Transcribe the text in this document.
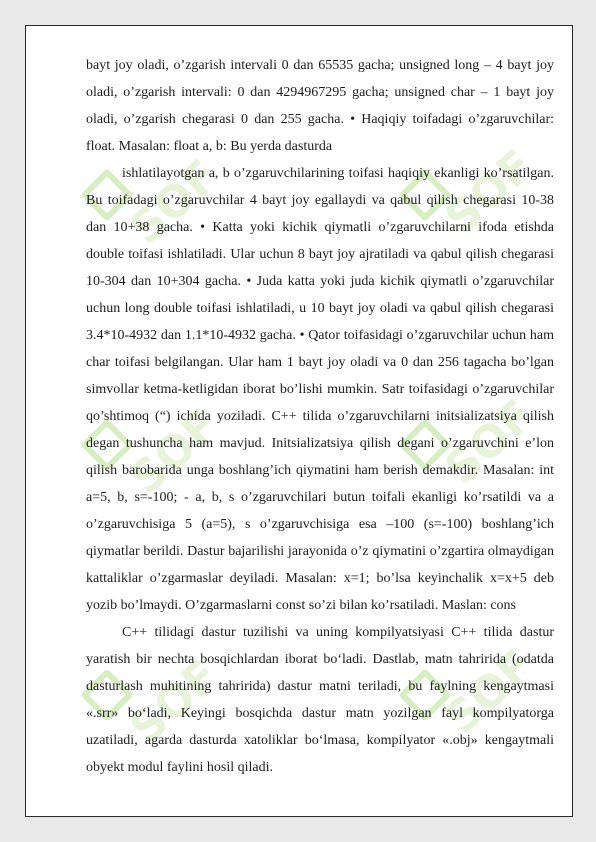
SOF	SOF
SOF	SOF
SOF	SOF

bayt joy oladi, o’zgarish intervali 0 dan 65535 gacha; unsigned long – 4 bayt joy oladi, o’zgarish intervali: 0 dan 4294967295 gacha; unsigned char – 1 bayt joy oladi, o’zgarish chegarasi 0 dan 255 gacha. • Haqiqiy toifadagi o’zgaruvchilar: float. Masalan: float a, b: Bu yerda dasturda

ishlatilayotgan a, b o’zgaruvchilarining toifasi haqiqiy ekanligi ko’rsatilgan. Bu toifadagi o’zgaruvchilar 4 bayt joy egallaydi va qabul qilish chegarasi 10-38 dan 10+38 gacha. • Katta yoki kichik qiymatli o’zgaruvchilarni ifoda etishda double toifasi ishlatiladi. Ular uchun 8 bayt joy ajratiladi va qabul qilish chegarasi 10-304 dan 10+304 gacha. • Juda katta yoki juda kichik qiymatli o’zgaruvchilar uchun long double toifasi ishlatiladi, u 10 bayt joy oladi va qabul qilish chegarasi 3.4*10-4932 dan 1.1*10-4932 gacha. • Qator toifasidagi o’zgaruvchilar uchun ham char toifasi belgilangan. Ular ham 1 bayt joy oladi va 0 dan 256 tagacha bo’lgan simvollar ketma-ketligidan iborat bo’lishi mumkin. Satr toifasidagi o’zgaruvchilar qo’shtimoq (“) ichida yoziladi. C++ tilida o’zgaruvchilarni initsializatsiya qilish degan tushuncha ham mavjud. Initsializatsiya qilish degani o’zgaruvchini e’lon qilish barobarida unga boshlang’ich qiymatini ham berish demakdir. Masalan: int a=5, b, s=-100; - a, b, s o’zgaruvchilari butun toifali ekanligi ko’rsatildi va a o’zgaruvchisiga 5 (a=5), s o’zgaruvchisiga esa –100 (s=-100) boshlang’ich qiymatlar berildi. Dastur bajarilishi jarayonida o’z qiymatini o’zgartira olmaydigan kattaliklar o’zgarmaslar deyiladi. Masalan: x=1; bo’lsa keyinchalik x=x+5 deb yozib bo’lmaydi. O’zgarmaslarni const so’zi bilan ko’rsatiladi. Maslan: cons

C++ tilidagi dastur tuzilishi va uning kompilyatsiyasi C++ tilida dastur yaratish bir nechta bosqichlardan iborat bo‘ladi. Dastlab, matn tahririda (odatda dasturlash muhitining tahririda) dastur matni teriladi, bu faylning kengaytmasi «.srr» bo‘ladi, Keyingi bosqichda dastur matn yozilgan fayl kompilyatorga uzatiladi, agarda dasturda xatoliklar bo‘lmasa, kompilyator «.obj» kengaytmali obyekt modul faylini hosil qiladi.
